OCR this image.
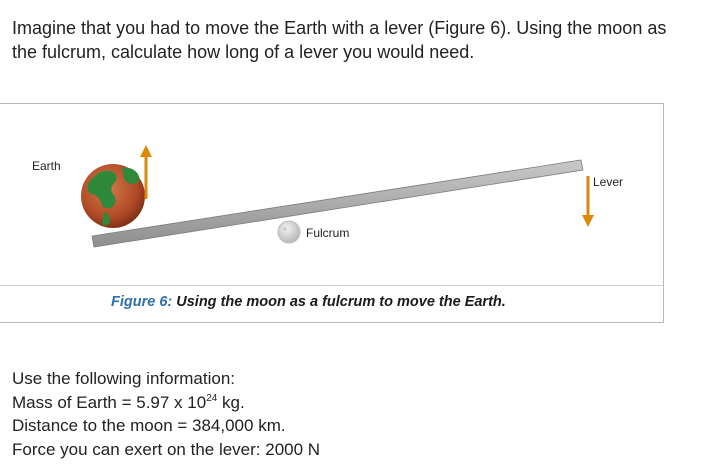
Imagine that you had to move the Earth with a lever (Figure 6). Using the moon as
the fulcrum, calculate how long of a lever you would need.
Earth
Lever
Fulcrum
Figure 6: Using the moon as a fulcrum to move the Earth.
Use the following information:
Mass of Earth = 5.97 x $10^{24}$ kg.
Distance to the moon = 384,000 km.
Force you can exert on the lever: 2000 N
